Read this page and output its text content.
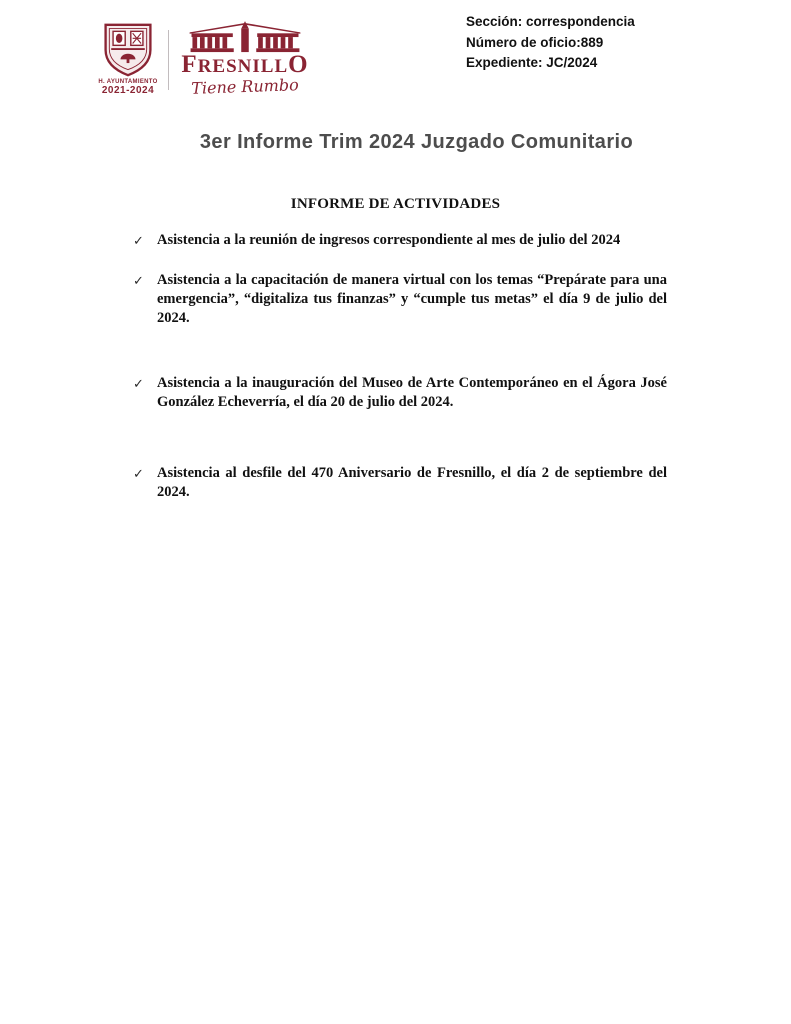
H. AYUNTAMIENTO
2021-2024
FRESNILLO
Tiene Rumbo
Sección: correspondencia
Número de oficio:889
Expediente: JC/2024
3er Informe Trim 2024 Juzgado Comunitario
INFORME DE ACTIVIDADES
✓ Asistencia a la reunión de ingresos correspondiente al mes de julio del 2024
✓ Asistencia a la capacitación de manera virtual con los temas “Prepárate para una emergencia”, “digitaliza tus finanzas” y “cumple tus metas” el día 9 de julio del 2024.
✓ Asistencia a la inauguración del Museo de Arte Contemporáneo en el Ágora José González Echeverría, el día 20 de julio del 2024.
✓ Asistencia al desfile del 470 Aniversario de Fresnillo, el día 2 de septiembre del 2024.
